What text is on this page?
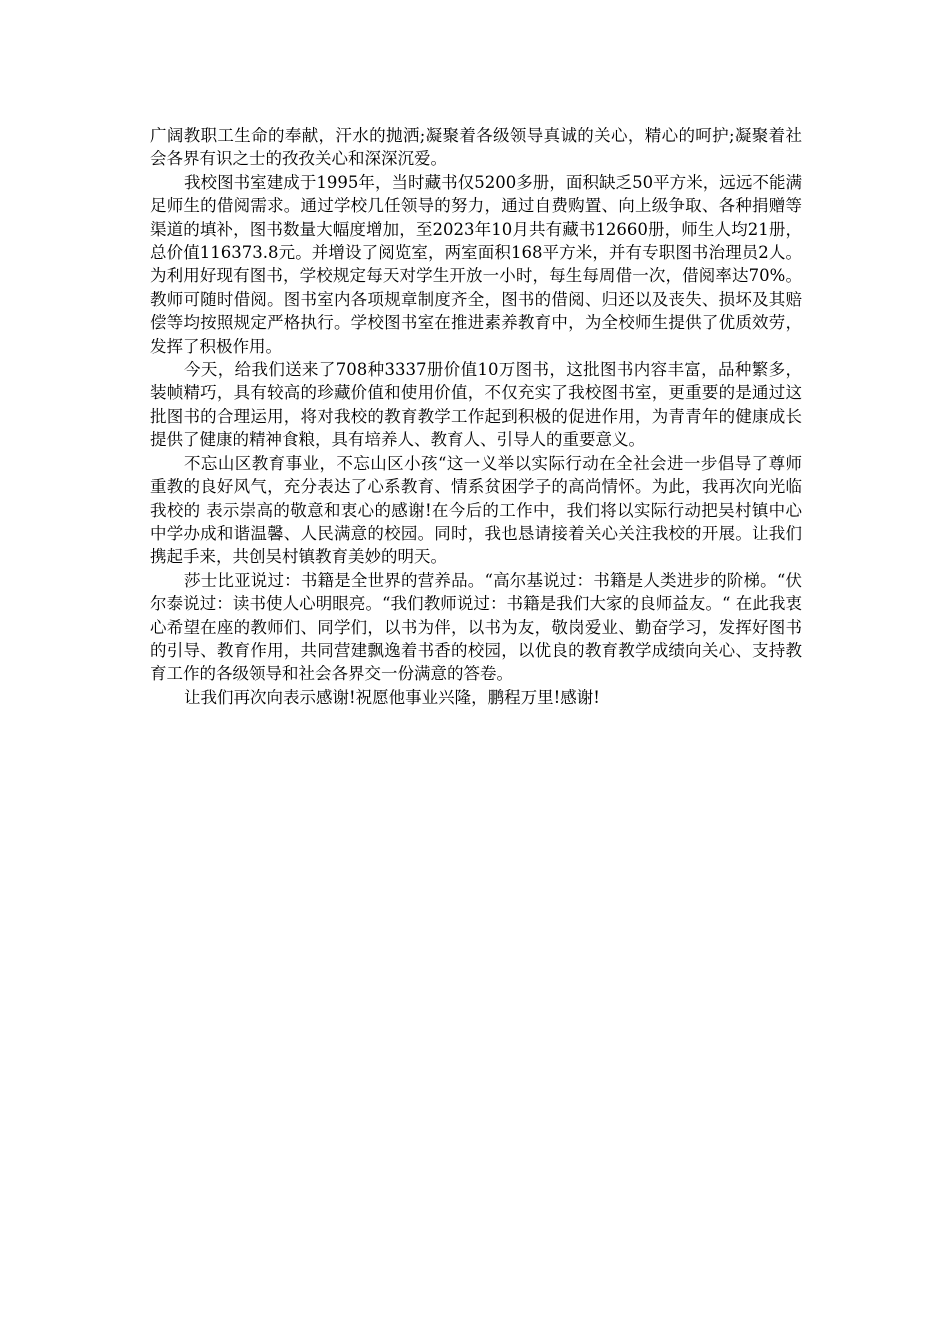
广阔教职工生命的奉献，汗水的抛洒;凝聚着各级领导真诚的关心，精心的呵护;凝聚着社会各界有识之士的孜孜关心和深深沉爱。

我校图书室建成于1995年，当时藏书仅5200多册，面积缺乏50平方米，远远不能满足师生的借阅需求。通过学校几任领导的努力，通过自费购置、向上级争取、各种捐赠等渠道的填补，图书数量大幅度增加，至2023年10月共有藏书12660册，师生人均21册，总价值116373.8元。并增设了阅览室，两室面积168平方米，并有专职图书治理员2人。为利用好现有图书，学校规定每天对学生开放一小时，每生每周借一次，借阅率达70%。教师可随时借阅。图书室内各项规章制度齐全，图书的借阅、归还以及丧失、损坏及其赔偿等均按照规定严格执行。学校图书室在推进素养教育中，为全校师生提供了优质效劳，发挥了积极作用。

今天，给我们送来了708种3337册价值10万图书，这批图书内容丰富，品种繁多，装帧精巧，具有较高的珍藏价值和使用价值，不仅充实了我校图书室，更重要的是通过这批图书的合理运用，将对我校的教育教学工作起到积极的促进作用，为青青年的健康成长提供了健康的精神食粮，具有培养人、教育人、引导人的重要意义。

不忘山区教育事业，不忘山区小孩“这一义举以实际行动在全社会进一步倡导了尊师重教的良好风气，充分表达了心系教育、情系贫困学子的高尚情怀。为此，我再次向光临我校的 表示崇高的敬意和衷心的感谢!在今后的工作中，我们将以实际行动把吴村镇中心中学办成和谐温馨、人民满意的校园。同时，我也恳请接着关心关注我校的开展。让我们携起手来，共创吴村镇教育美妙的明天。

莎士比亚说过：书籍是全世界的营养品。“高尔基说过：书籍是人类进步的阶梯。“伏尔泰说过：读书使人心明眼亮。“我们教师说过：书籍是我们大家的良师益友。“ 在此我衷心希望在座的教师们、同学们，以书为伴，以书为友，敬岗爱业、勤奋学习，发挥好图书的引导、教育作用，共同营建飘逸着书香的校园，以优良的教育教学成绩向关心、支持教育工作的各级领导和社会各界交一份满意的答卷。

让我们再次向表示感谢!祝愿他事业兴隆，鹏程万里!感谢!
